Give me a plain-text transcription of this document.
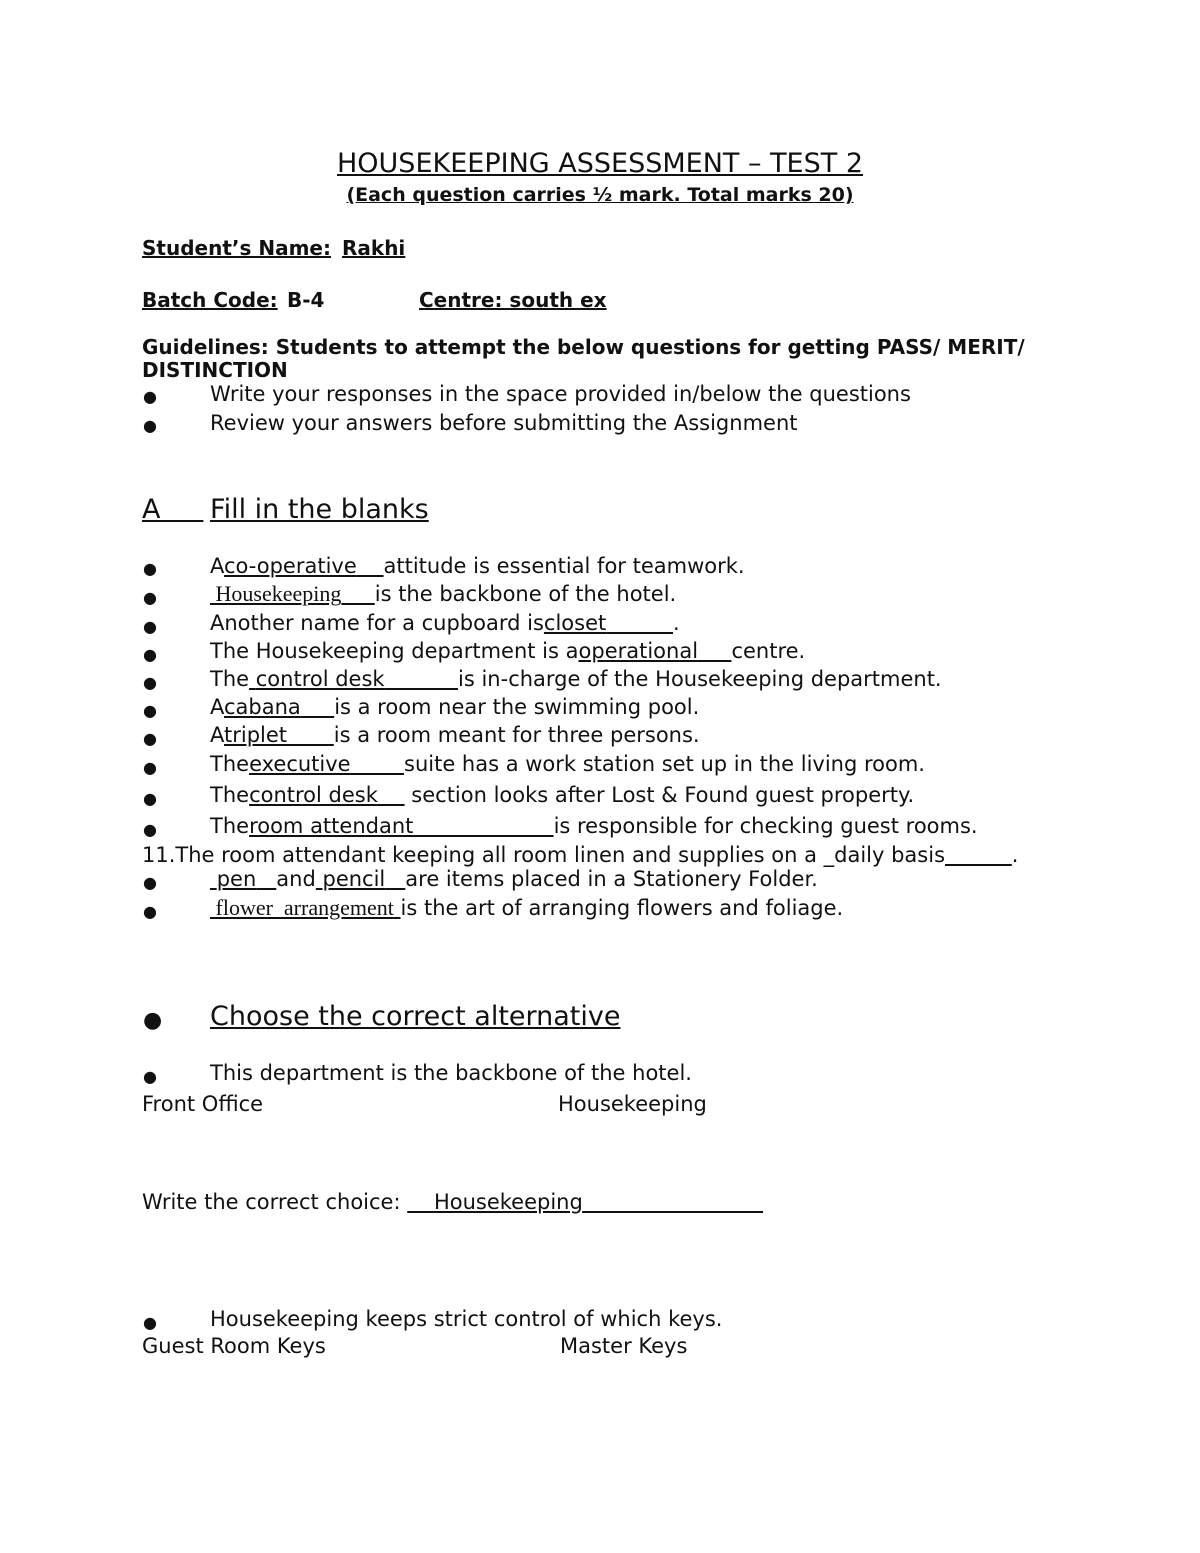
HOUSEKEEPING ASSESSMENT – TEST 2
(Each question carries ½ mark. Total marks 20)
Student’s Name: Rakhi
Batch Code: B-4	Centre: south ex
Guidelines: Students to attempt the below questions for getting PASS/ MERIT/
DISTINCTION
●	Write your responses in the space provided in/below the questions
●	Review your answers before submitting the Assignment
A	Fill in the blanks
●	Aco-operative attitude is essential for teamwork.
●	Housekeeping is the backbone of the hotel.
●	Another name for a cupboard iscloset	.
●	The Housekeeping department is aoperational centre.
●	The control desk	is in-charge of the Housekeeping department.
●	Acabana is a room near the swimming pool.
●	Atriplet is a room meant for three persons.
●	Theexecutive	suite has a work station set up in the living room.
●	Thecontrol desk section looks after Lost & Found guest property.
●	Theroom attendant	is responsible for checking guest rooms.
11.The room attendant keeping all room linen and supplies on a _daily basis	.
●	pen and pencil are items placed in a Stationery Folder.
●	flower  arrangement is the art of arranging flowers and foliage.
● Choose the correct alternative
●	This department is the backbone of the hotel.
Front Office	Housekeeping
Write the correct choice: Housekeeping
●	Housekeeping keeps strict control of which keys.
Guest Room Keys	Master Keys
